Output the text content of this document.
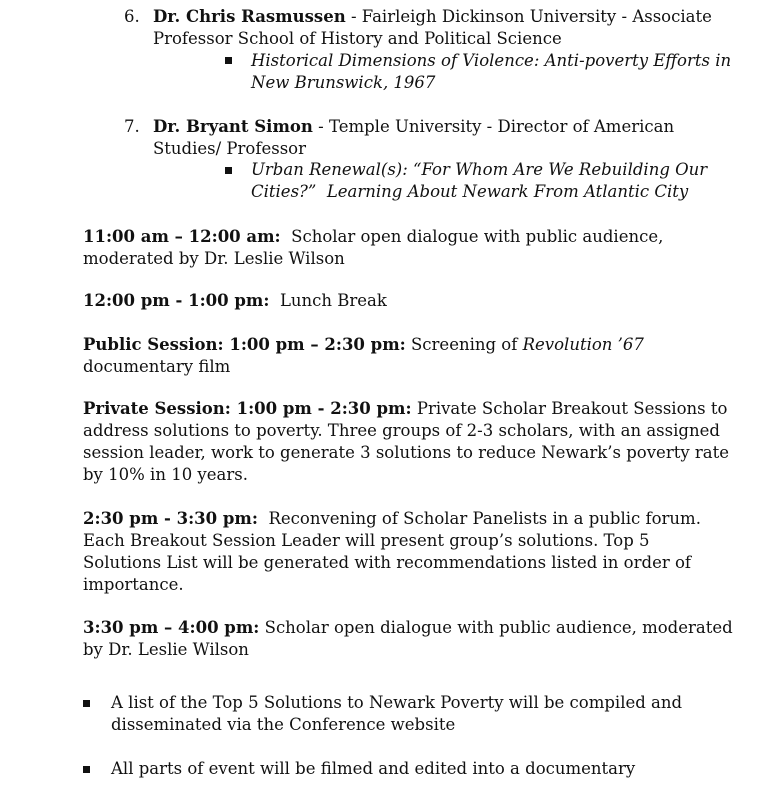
6. Dr. Chris Rasmussen - Fairleigh Dickinson University - Associate
Professor School of History and Political Science
Historical Dimensions of Violence: Anti-poverty Efforts in
New Brunswick, 1967
7. Dr. Bryant Simon - Temple University - Director of American
Studies/ Professor
Urban Renewal(s): “For Whom Are We Rebuilding Our
Cities?”  Learning About Newark From Atlantic City
11:00 am – 12:00 am:  Scholar open dialogue with public audience,
moderated by Dr. Leslie Wilson
12:00 pm - 1:00 pm:  Lunch Break
Public Session: 1:00 pm – 2:30 pm: Screening of Revolution ’67
documentary film
Private Session: 1:00 pm - 2:30 pm: Private Scholar Breakout Sessions to
address solutions to poverty. Three groups of 2-3 scholars, with an assigned
session leader, work to generate 3 solutions to reduce Newark’s poverty rate
by 10% in 10 years.
2:30 pm - 3:30 pm:  Reconvening of Scholar Panelists in a public forum.
Each Breakout Session Leader will present group’s solutions. Top 5
Solutions List will be generated with recommendations listed in order of
importance.
3:30 pm – 4:00 pm: Scholar open dialogue with public audience, moderated
by Dr. Leslie Wilson
A list of the Top 5 Solutions to Newark Poverty will be compiled and
disseminated via the Conference website
All parts of event will be filmed and edited into a documentary
